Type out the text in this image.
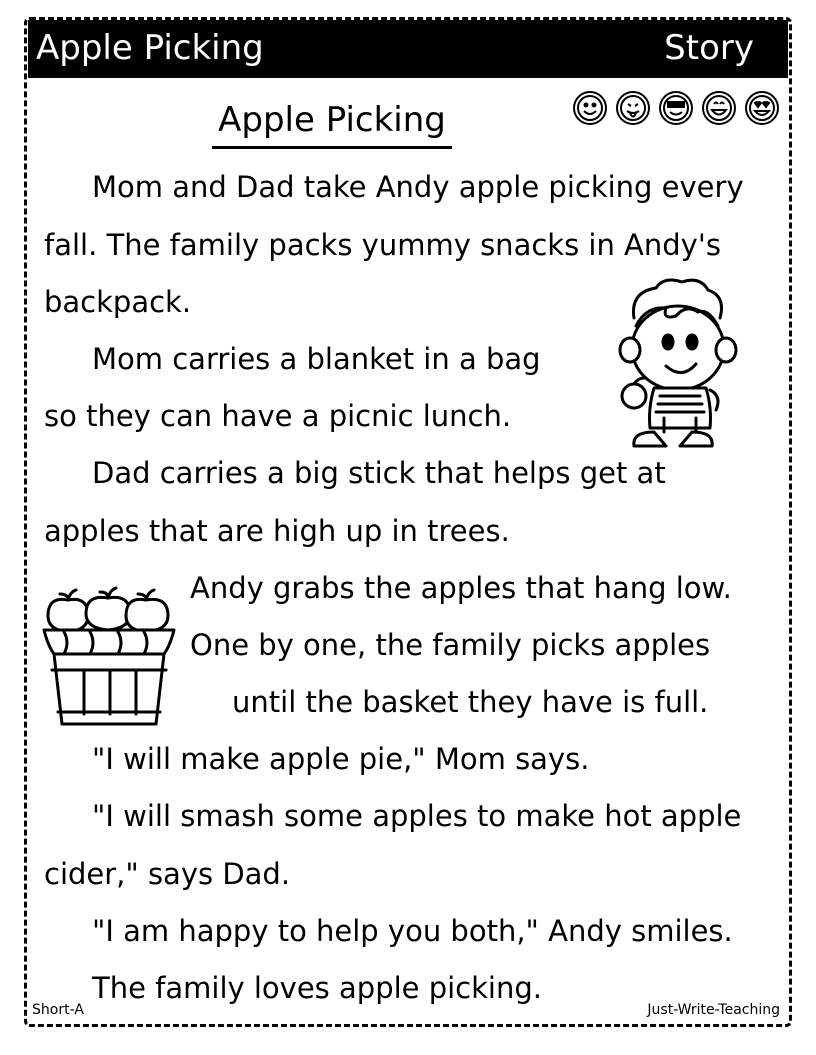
Apple Picking	Story
Apple Picking
Mom and Dad take Andy apple picking every
fall. The family packs yummy snacks in Andy's
backpack.
Mom carries a blanket in a bag
so they can have a picnic lunch.
Dad carries a big stick that helps get at
apples that are high up in trees.
Andy grabs the apples that hang low.
One by one, the family picks apples
until the basket they have is full.
"I will make apple pie," Mom says.
"I will smash some apples to make hot apple
cider," says Dad.
"I am happy to help you both," Andy smiles.
The family loves apple picking.
Short-A	Just-Write-Teaching
